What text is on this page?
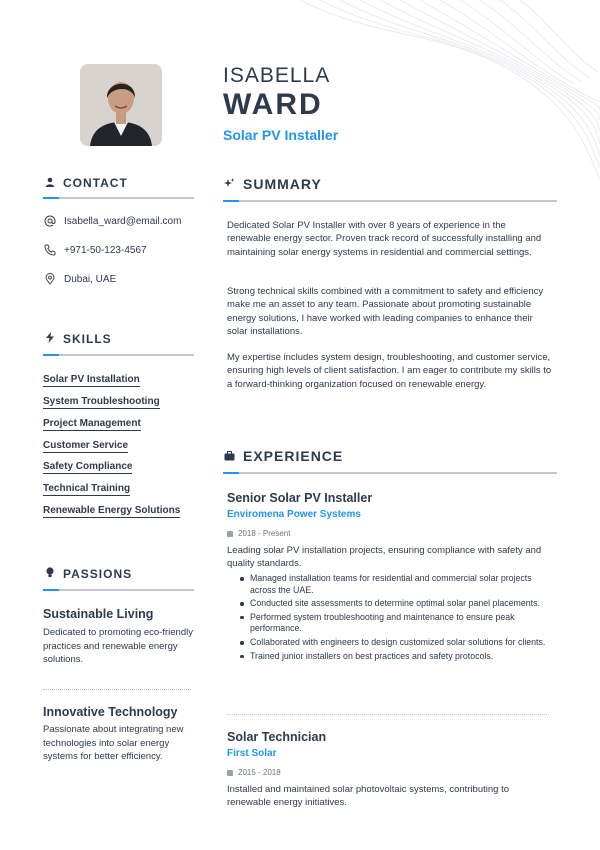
ISABELLA
WARD
Solar PV Installer
CONTACT
Isabella_ward@email.com
+971-50-123-4567
Dubai, UAE
SKILLS
Solar PV Installation
System Troubleshooting
Project Management
Customer Service
Safety Compliance
Technical Training
Renewable Energy Solutions
PASSIONS
Sustainable Living
Dedicated to promoting eco-friendly practices and renewable energy solutions.
Innovative Technology
Passionate about integrating new technologies into solar energy systems for better efficiency.
SUMMARY
Dedicated Solar PV Installer with over 8 years of experience in the renewable energy sector. Proven track record of successfully installing and maintaining solar energy systems in residential and commercial settings.
Strong technical skills combined with a commitment to safety and efficiency make me an asset to any team. Passionate about promoting sustainable energy solutions, I have worked with leading companies to enhance their solar installations.
My expertise includes system design, troubleshooting, and customer service, ensuring high levels of client satisfaction. I am eager to contribute my skills to a forward-thinking organization focused on renewable energy.
EXPERIENCE
Senior Solar PV Installer
Enviromena Power Systems
2018 - Present
Leading solar PV installation projects, ensuring compliance with safety and quality standards.
Managed installation teams for residential and commercial solar projects across the UAE.
Conducted site assessments to determine optimal solar panel placements.
Performed system troubleshooting and maintenance to ensure peak performance.
Collaborated with engineers to design customized solar solutions for clients.
Trained junior installers on best practices and safety protocols.
Solar Technician
First Solar
2015 - 2018
Installed and maintained solar photovoltaic systems, contributing to renewable energy initiatives.
